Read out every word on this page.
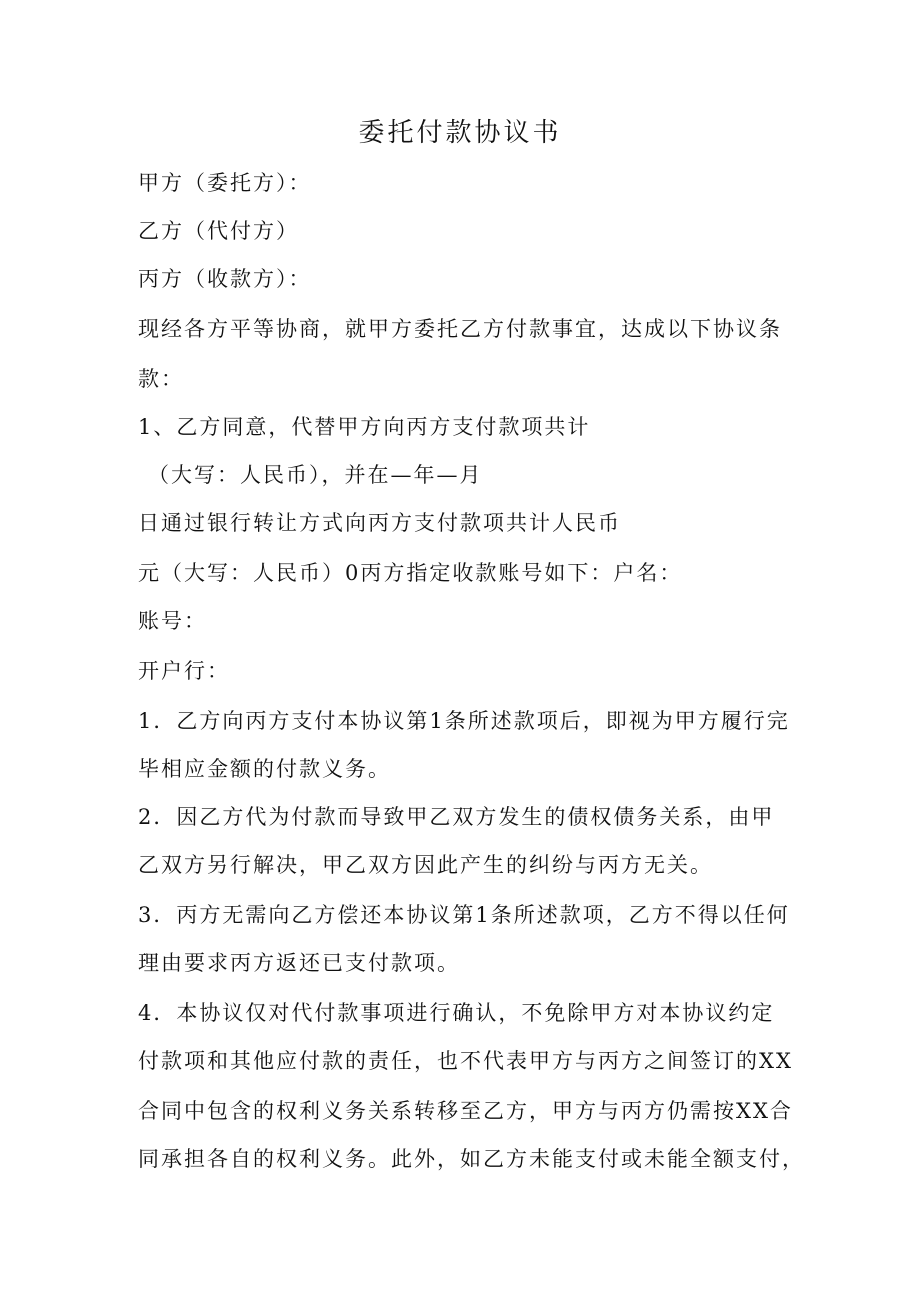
委托付款协议书

甲方（委托方）：

乙方（代付方）

丙方（收款方）：

现经各方平等协商，就甲方委托乙方付款事宜，达成以下协议条

款：

1、乙方同意，代替甲方向丙方支付款项共计

（大写：人民币），并在—年—月

日通过银行转让方式向丙方支付款项共计人民币

元（大写：人民币）0丙方指定收款账号如下：户名：

账号：

开户行：

1．乙方向丙方支付本协议第1条所述款项后，即视为甲方履行完

毕相应金额的付款义务。

2．因乙方代为付款而导致甲乙双方发生的债权债务关系，由甲

乙双方另行解决，甲乙双方因此产生的纠纷与丙方无关。

3．丙方无需向乙方偿还本协议第1条所述款项，乙方不得以任何

理由要求丙方返还已支付款项。

4．本协议仅对代付款事项进行确认，不免除甲方对本协议约定

付款项和其他应付款的责任，也不代表甲方与丙方之间签订的XX

合同中包含的权利义务关系转移至乙方，甲方与丙方仍需按XX合

同承担各自的权利义务。此外，如乙方未能支付或未能全额支付，
